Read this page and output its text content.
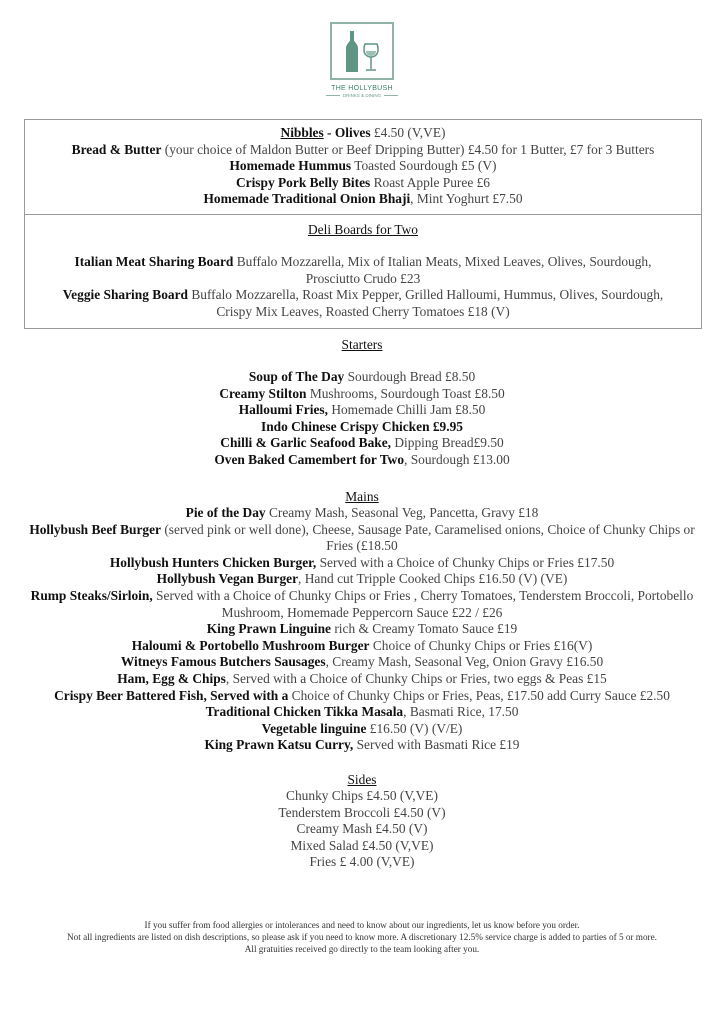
THE HOLLYBUSH
DRINKS & DINING
Nibbles - Olives £4.50 (V,VE)
Bread & Butter (your choice of Maldon Butter or Beef Dripping Butter) £4.50 for 1 Butter, £7 for 3 Butters
Homemade Hummus Toasted Sourdough £5 (V)
Crispy Pork Belly Bites Roast Apple Puree £6
Homemade Traditional Onion Bhaji, Mint Yoghurt £7.50
Deli Boards for Two
Italian Meat Sharing Board Buffalo Mozzarella, Mix of Italian Meats, Mixed Leaves, Olives, Sourdough, Prosciutto Crudo £23
Veggie Sharing Board Buffalo Mozzarella, Roast Mix Pepper, Grilled Halloumi, Hummus, Olives, Sourdough, Crispy Mix Leaves, Roasted Cherry Tomatoes £18 (V)
Starters
Soup of The Day Sourdough Bread £8.50
Creamy Stilton Mushrooms, Sourdough Toast £8.50
Halloumi Fries, Homemade Chilli Jam £8.50
Indo Chinese Crispy Chicken £9.95
Chilli & Garlic Seafood Bake, Dipping Bread£9.50
Oven Baked Camembert for Two, Sourdough £13.00
Mains
Pie of the Day Creamy Mash, Seasonal Veg, Pancetta, Gravy £18
Hollybush Beef Burger (served pink or well done), Cheese, Sausage Pate, Caramelised onions, Choice of Chunky Chips or Fries (£18.50
Hollybush Hunters Chicken Burger, Served with a Choice of Chunky Chips or Fries £17.50
Hollybush Vegan Burger, Hand cut Tripple Cooked Chips £16.50 (V) (VE)
Rump Steaks/Sirloin, Served with a Choice of Chunky Chips or Fries , Cherry Tomatoes, Tenderstem Broccoli, Portobello Mushroom, Homemade Peppercorn Sauce £22 / £26
King Prawn Linguine rich & Creamy Tomato Sauce £19
Haloumi & Portobello Mushroom Burger Choice of Chunky Chips or Fries £16(V)
Witneys Famous Butchers Sausages, Creamy Mash, Seasonal Veg, Onion Gravy £16.50
Ham, Egg & Chips, Served with a Choice of Chunky Chips or Fries, two eggs & Peas £15
Crispy Beer Battered Fish, Served with a Choice of Chunky Chips or Fries, Peas, £17.50 add Curry Sauce £2.50
Traditional Chicken Tikka Masala, Basmati Rice, 17.50
Vegetable linguine £16.50 (V) (V/E)
King Prawn Katsu Curry, Served with Basmati Rice £19
Sides
Chunky Chips £4.50 (V,VE)
Tenderstem Broccoli £4.50 (V)
Creamy Mash £4.50 (V)
Mixed Salad £4.50 (V,VE)
Fries £ 4.00 (V,VE)
If you suffer from food allergies or intolerances and need to know about our ingredients, let us know before you order.
Not all ingredients are listed on dish descriptions, so please ask if you need to know more. A discretionary 12.5% service charge is added to parties of 5 or more.
All gratuities received go directly to the team looking after you.
